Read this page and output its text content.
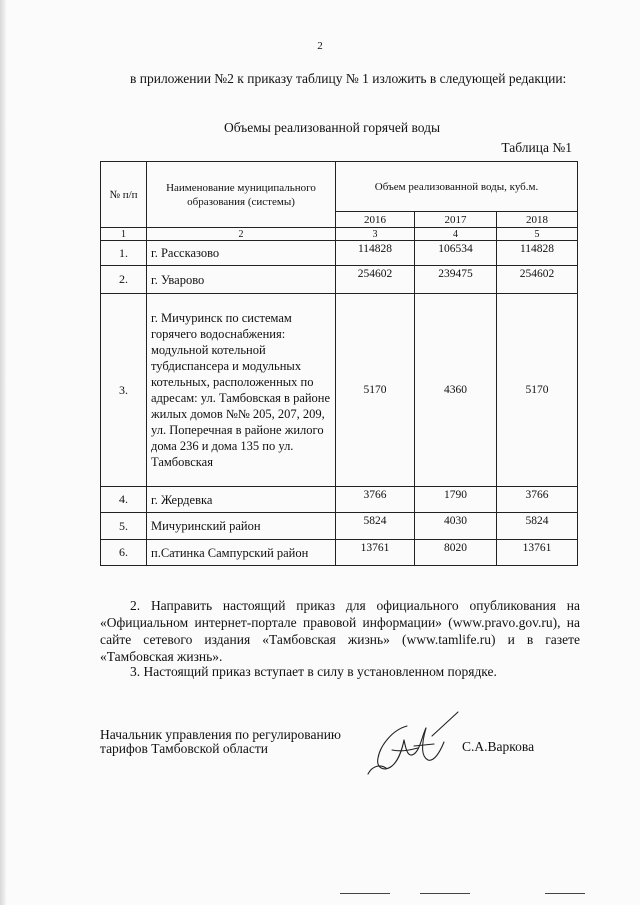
2
в приложении №2 к приказу таблицу № 1 изложить в следующей редакции:
Объемы реализованной горячей воды
Таблица №1
№ п/п	Наименование муниципального образования (системы)	Объем реализованной воды, куб.м.		
		2016	2017	2018
1	2	3	4	5
1.	г. Рассказово	114828	106534	114828
2.	г. Уварово	254602	239475	254602
3.	г. Мичуринск по системам горячего водоснабжения: модульной котельной тубдиспансера и модульных котельных, расположенных по адресам: ул. Тамбовская в районе жилых домов №№ 205, 207, 209, ул. Поперечная в районе жилого дома 236 и дома 135 по ул. Тамбовская	5170	4360	5170
4.	г. Жердевка	3766	1790	3766
5.	Мичуринский район	5824	4030	5824
6.	п.Сатинка Сампурский район	13761	8020	13761
2. Направить настоящий приказ для официального опубликования на «Официальном интернет-портале правовой информации» (www.pravo.gov.ru), на сайте сетевого издания «Тамбовская жизнь» (www.tamlife.ru) и в газете «Тамбовская жизнь».
3. Настоящий приказ вступает в силу в установленном порядке.
Начальник управления по регулированию
тарифов Тамбовской области	С.А.Варкова
